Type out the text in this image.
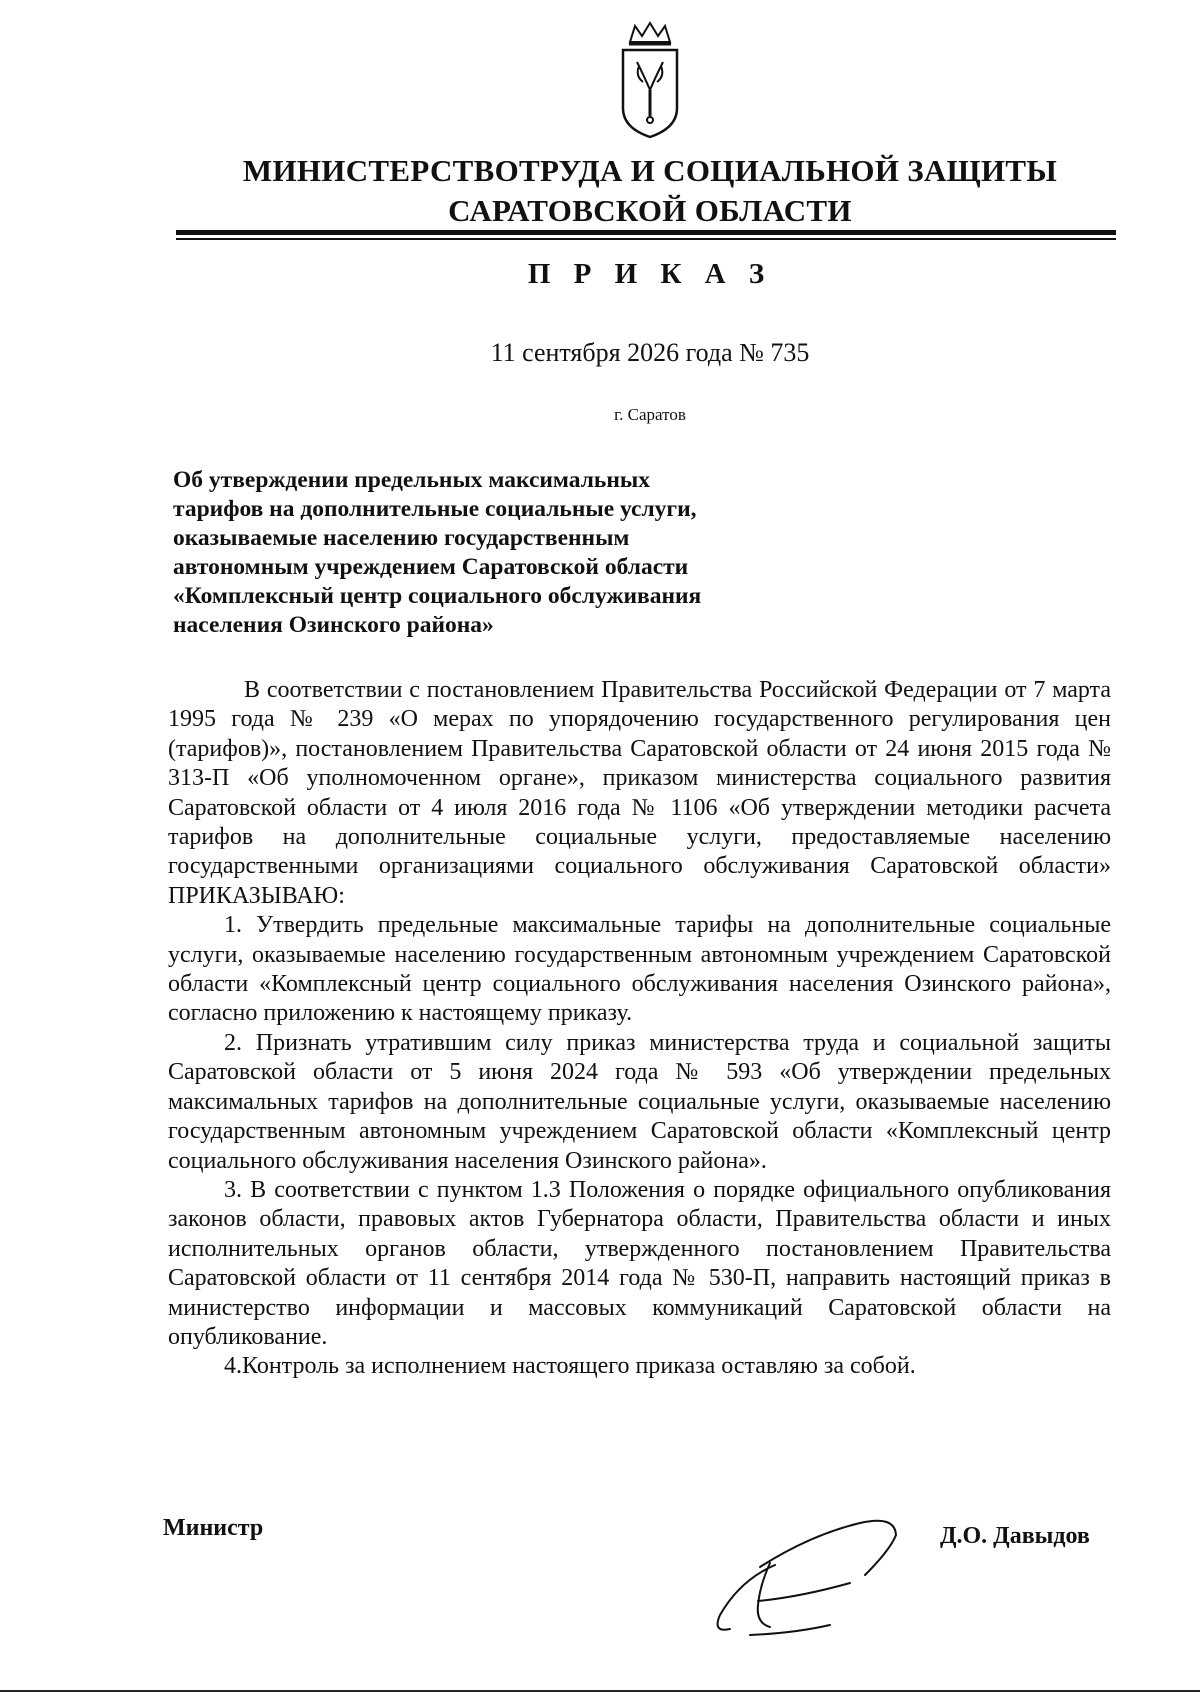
МИНИСТЕРСТВОТРУДА И СОЦИАЛЬНОЙ ЗАЩИТЫ
САРАТОВСКОЙ ОБЛАСТИ
П Р И К А З
11 сентября 2026 года № 735
г. Саратов
Об утверждении предельных максимальных
тарифов на дополнительные социальные услуги,
оказываемые населению государственным
автономным учреждением Саратовской области
«Комплексный центр социального обслуживания
населения Озинского района»

В соответствии с постановлением Правительства Российской Федерации от 7 марта 1995 года № 239 «О мерах по упорядочению государственного регулирования цен (тарифов)», постановлением Правительства Саратовской области от 24 июня 2015 года № 313-П «Об уполномоченном органе», приказом министерства социального развития Саратовской области от 4 июля 2016 года № 1106 «Об утверждении методики расчета тарифов на дополнительные социальные услуги, предоставляемые населению государственными организациями социального обслуживания Саратовской области» ПРИКАЗЫВАЮ:

1. Утвердить предельные максимальные тарифы на дополнительные социальные услуги, оказываемые населению государственным автономным учреждением Саратовской области «Комплексный центр социального обслуживания населения Озинского района», согласно приложению к настоящему приказу.

2. Признать утратившим силу приказ министерства труда и социальной защиты Саратовской области от 5 июня 2024 года № 593 «Об утверждении предельных максимальных тарифов на дополнительные социальные услуги, оказываемые населению государственным автономным учреждением Саратовской области «Комплексный центр социального обслуживания населения Озинского района».

3. В соответствии с пунктом 1.3 Положения о порядке официального опубликования законов области, правовых актов Губернатора области, Правительства области и иных исполнительных органов области, утвержденного постановлением Правительства Саратовской области от 11 сентября 2014 года № 530-П, направить настоящий приказ в министерство информации и массовых коммуникаций Саратовской области на опубликование.

4.Контроль за исполнением настоящего приказа оставляю за собой.

Министр	Д.О. Давыдов
